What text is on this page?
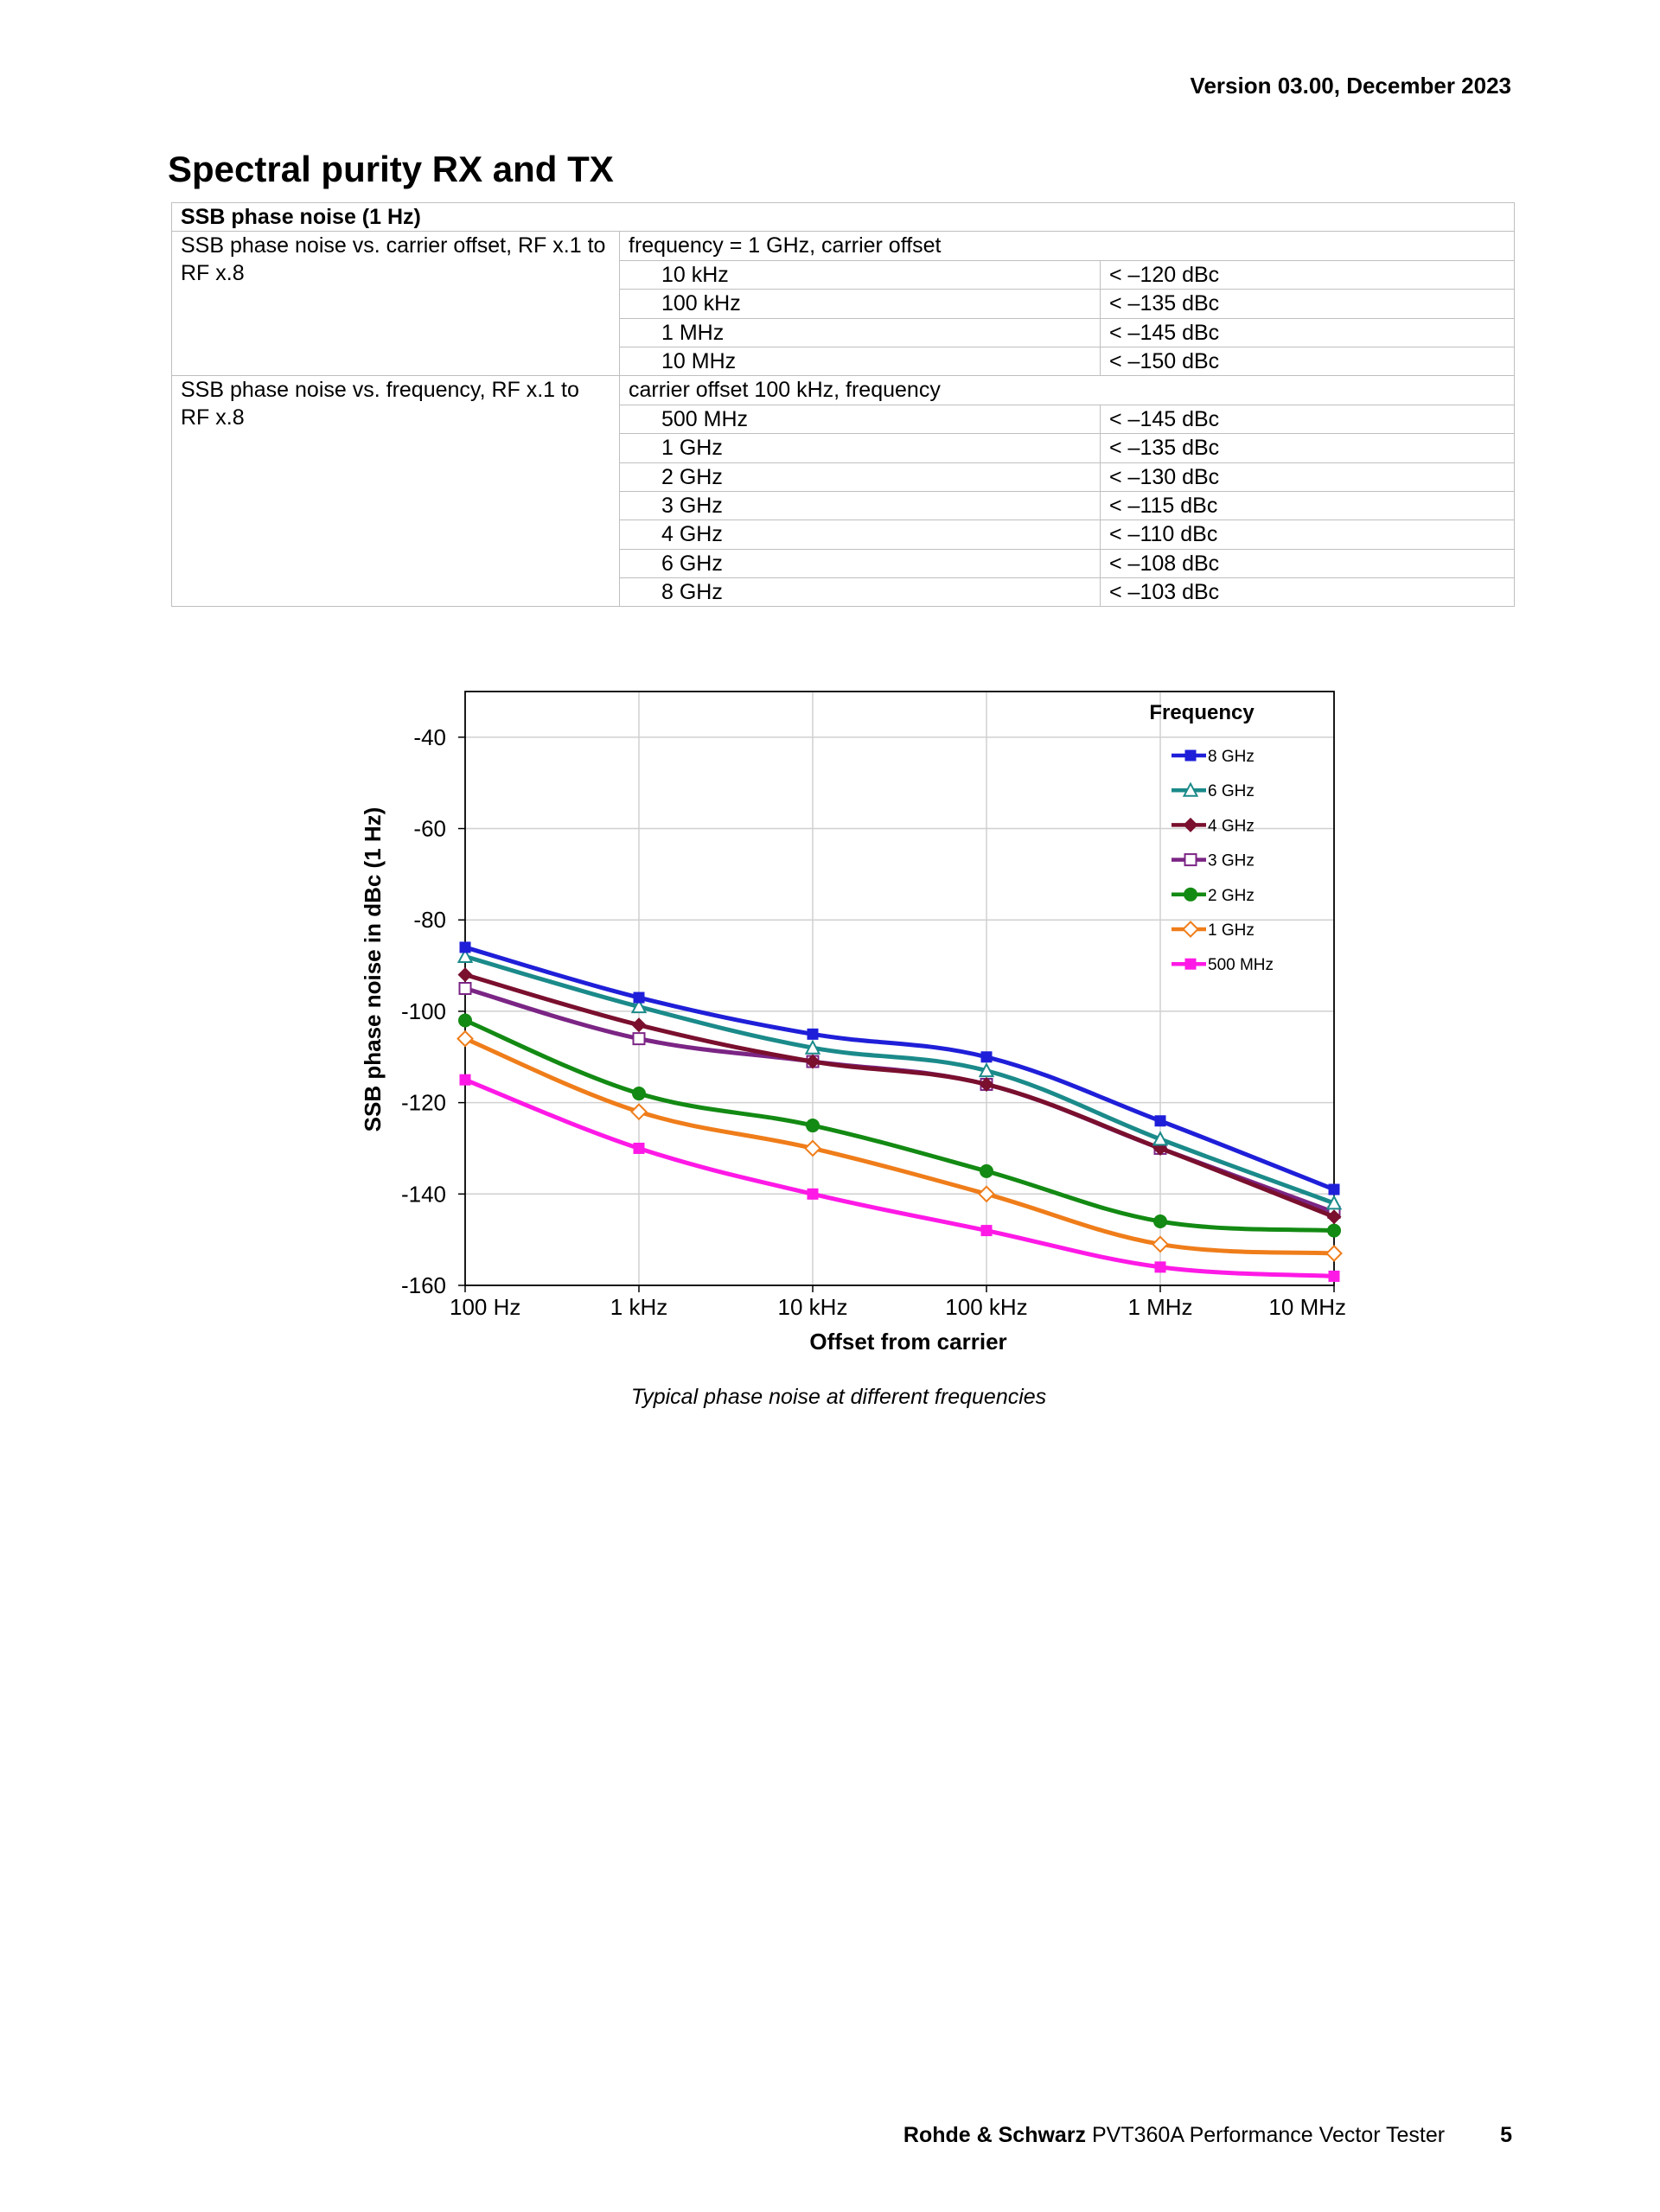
Version 03.00, December 2023
Spectral purity RX and TX
SSB phase noise (1 Hz)		
SSB phase noise vs. carrier offset, RF x.1 to RF x.8	frequency = 1 GHz, carrier offset	
	10 kHz	< –120 dBc
	100 kHz	< –135 dBc
	1 MHz	< –145 dBc
	10 MHz	< –150 dBc
SSB phase noise vs. frequency, RF x.1 to RF x.8	carrier offset 100 kHz, frequency	
	500 MHz	< –145 dBc
	1 GHz	< –135 dBc
	2 GHz	< –130 dBc
	3 GHz	< –115 dBc
	4 GHz	< –110 dBc
	6 GHz	< –108 dBc
	8 GHz	< –103 dBc
-160
-140
-120
-100
-80
-60
-40
100 Hz	1 kHz	10 kHz	100 kHz	1 MHz	10 MHz
Offset from carrier
SSB phase noise in dBc (1 Hz)
Frequency
8 GHz
6 GHz
4 GHz
3 GHz
2 GHz
1 GHz
500 MHz
Typical phase noise at different frequencies
Rohde & Schwarz PVT360A Performance Vector Tester	5
